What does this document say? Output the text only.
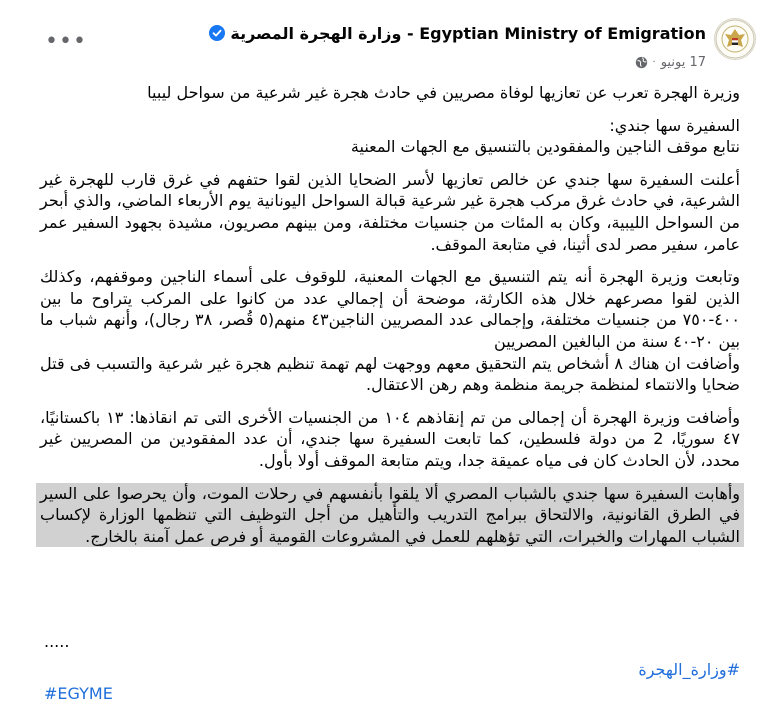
•••	Egyptian Ministry of Emigration - وزارة الهجرة المصرية
17 يونيو
·

وزيرة الهجرة تعرب عن تعازيها لوفاة مصريين في حادث هجرة غير شرعية من سواحل ليبيا

السفيرة سها جندي:
نتابع موقف الناجين والمفقودين بالتنسيق مع الجهات المعنية

أعلنت السفيرة سها جندي عن خالص تعازيها لأسر الضحايا الذين لقوا حتفهم في غرق قارب للهجرة غير الشرعية، في حادث غرق مركب هجرة غير شرعية قبالة السواحل اليونانية يوم الأربعاء الماضي، والذي أبحر من السواحل الليبية، وكان به المئات من جنسيات مختلفة، ومن بينهم مصريون، مشيدة بجهود السفير عمر عامر، سفير مصر لدى أثينا، في متابعة الموقف.

وتابعت وزيرة الهجرة أنه يتم التنسيق مع الجهات المعنية، للوقوف على أسماء الناجين وموقفهم، وكذلك الذين لقوا مصرعهم خلال هذه الكارثة، موضحة أن إجمالي عدد من كانوا على المركب يتراوح ما بين ٤٠٠-٧٥٠ من جنسيات مختلفة، وإجمالى عدد المصريين الناجين٤٣ منهم(٥ قُصر، ٣٨ رجال)، وأنهم شباب ما بين ٢٠-٤٠ سنة من البالغين المصريين

وأضافت ان هناك ٨ أشخاص يتم التحقيق معهم ووجهت لهم تهمة تنظيم هجرة غير شرعية والتسبب فى قتل ضحايا والانتماء لمنظمة جريمة منظمة وهم رهن الاعتقال.

وأضافت وزيرة الهجرة أن إجمالى من تم إنقاذهم ١٠٤ من الجنسيات الأخرى التى تم انقاذها: ١٣ باكستانيًا، ٤٧ سوريًا، 2 من دولة فلسطين، كما تابعت السفيرة سها جندي، أن عدد المفقودين من المصريين غير محدد، لأن الحادث كان فى مياه عميقة جدا، ويتم متابعة الموقف أولا بأول.

وأهابت السفيرة سها جندي بالشباب المصري ألا يلقوا بأنفسهم في رحلات الموت، وأن يحرصوا على السير في الطرق القانونية، والالتحاق ببرامج التدريب والتأهيل من أجل التوظيف التي تنظمها الوزارة لإكساب الشباب المهارات والخبرات، التي تؤهلهم للعمل في المشروعات القومية أو فرص عمل آمنة بالخارج.

.....
#وزارة_الهجرة
#EGYME
